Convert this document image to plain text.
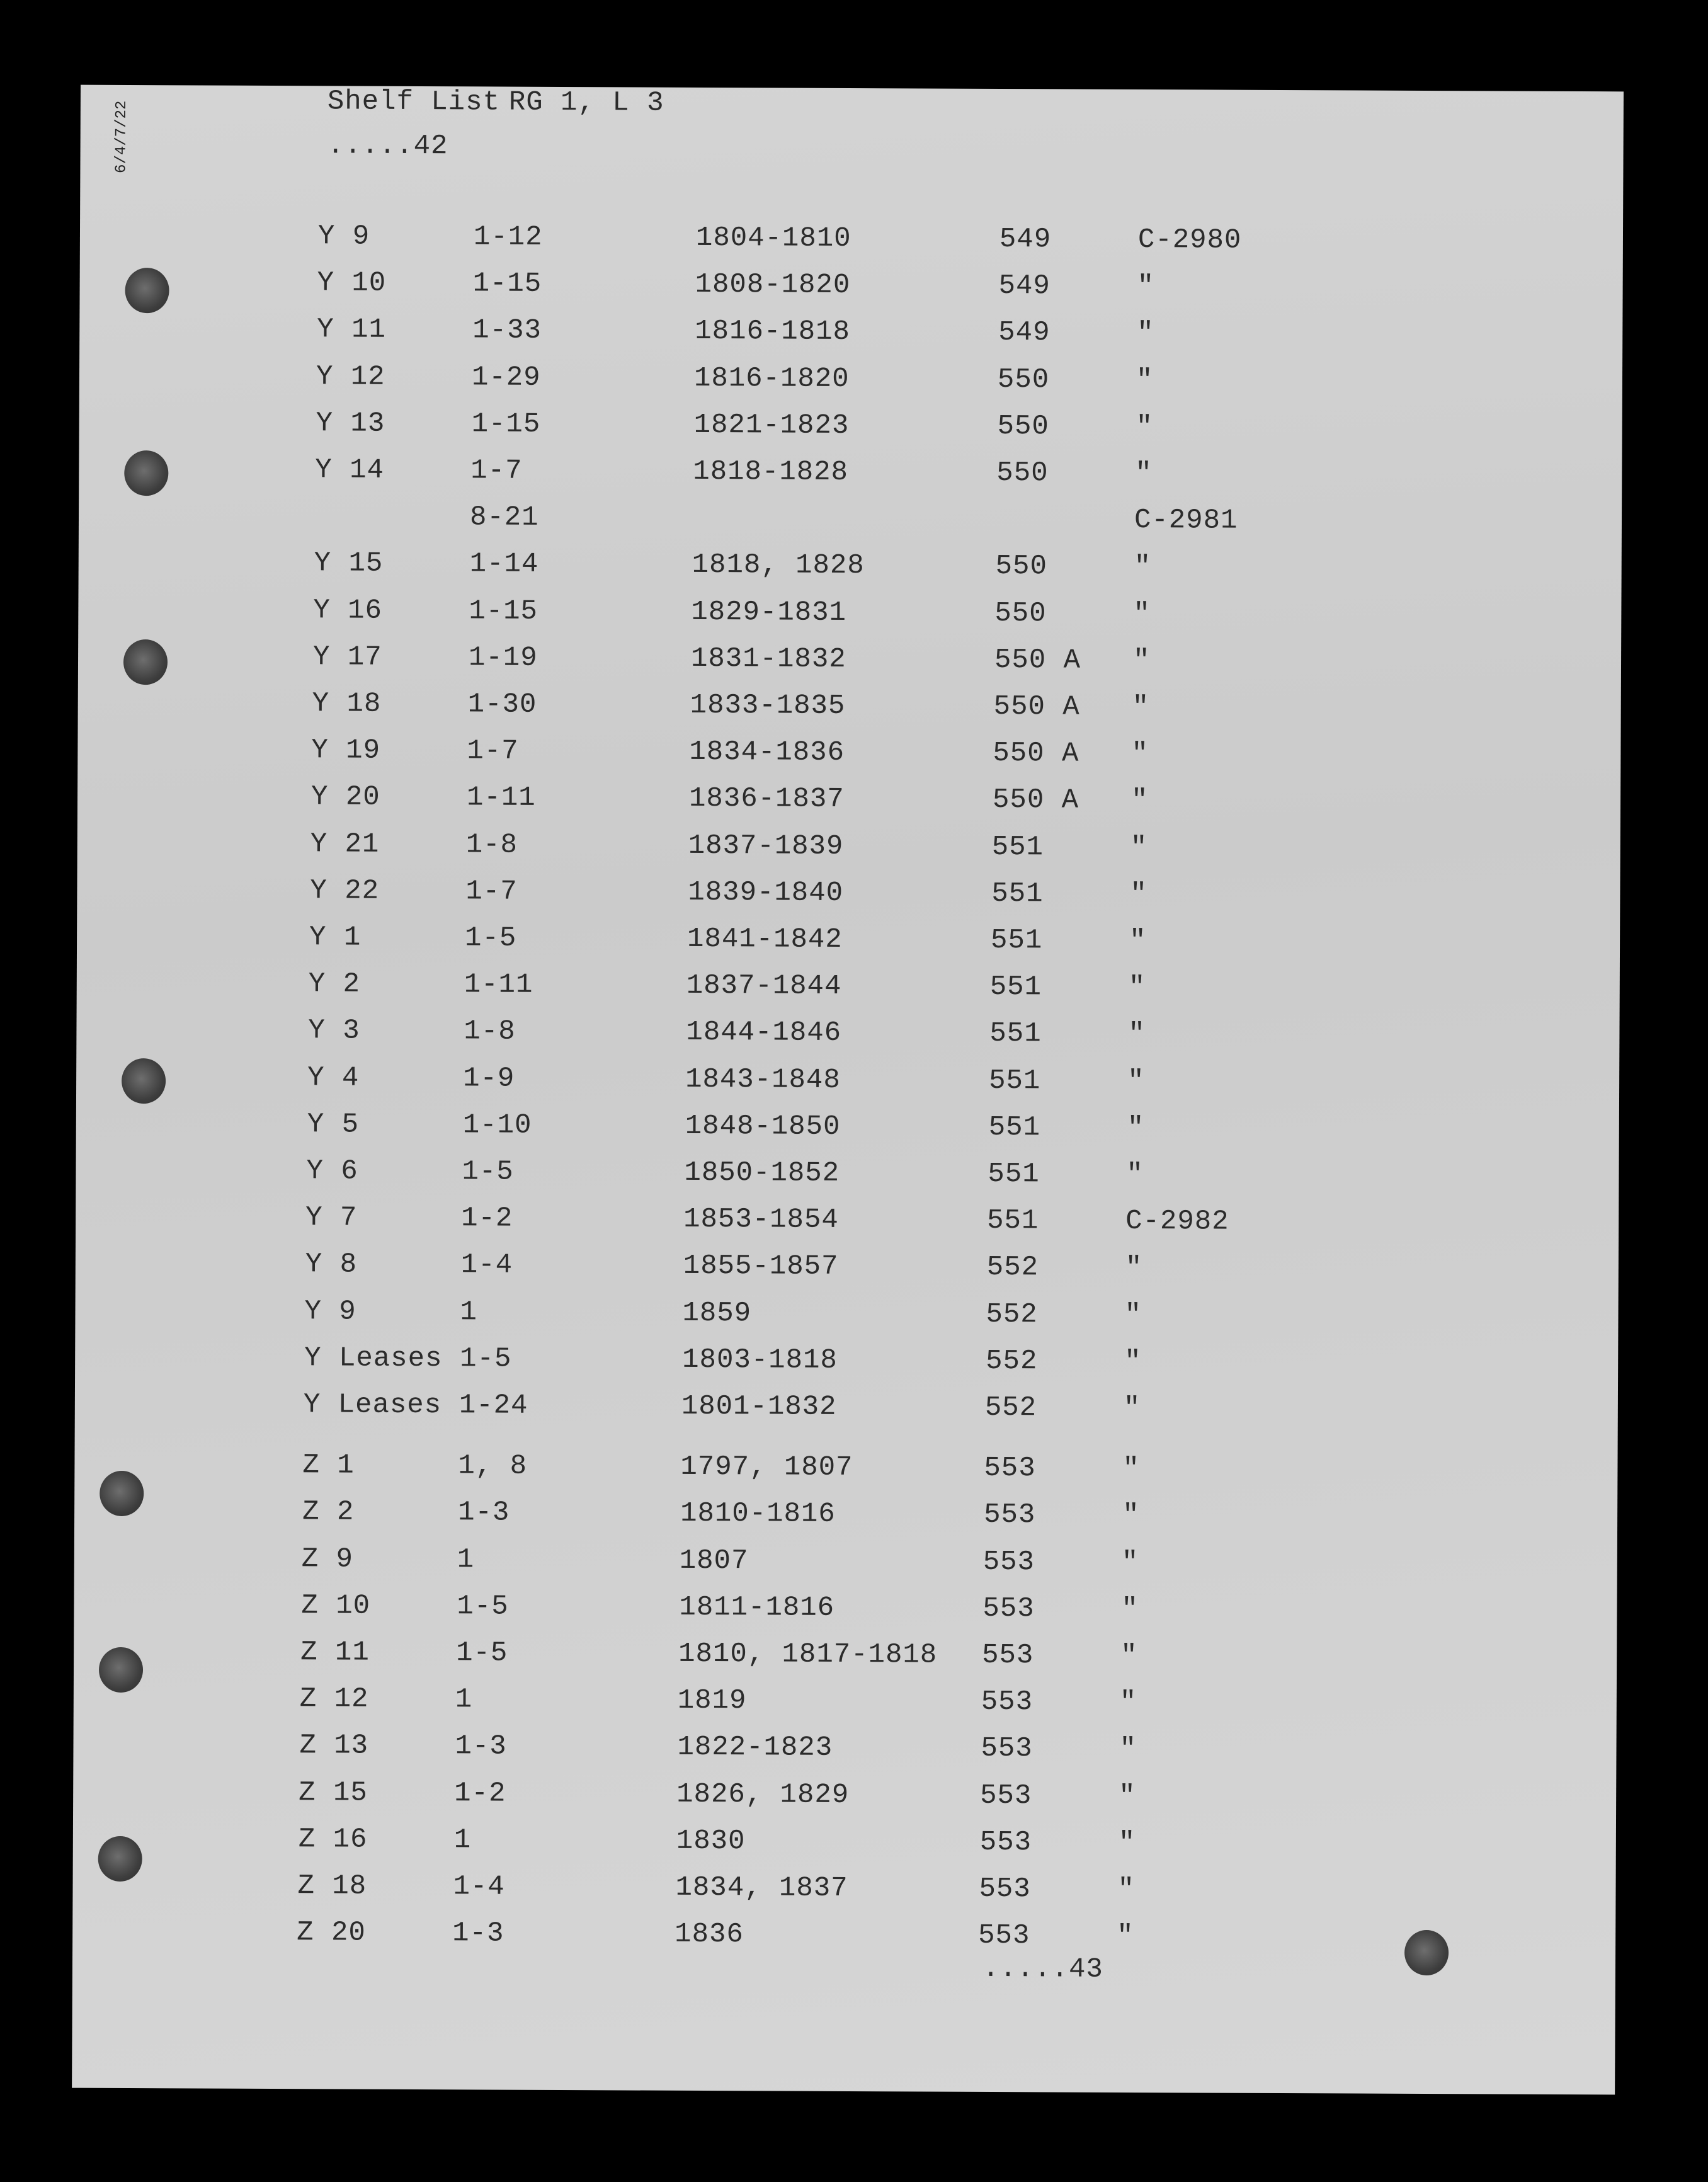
6/4/7/22	Shelf List RG 1, L 3
.....42
Y 9	1-12	1804-1810	549	C-2980
Y 10	1-15	1808-1820	549	"
Y 11	1-33	1816-1818	549	"
Y 12	1-29	1816-1820	550	"
Y 13	1-15	1821-1823	550	"
Y 14	1-7	1818-1828	550	"
8-21	C-2981
Y 15	1-14	1818, 1828	550	"
Y 16	1-15	1829-1831	550	"
Y 17	1-19	1831-1832	550 A "
Y 18	1-30	1833-1835	550 A "
Y 19	1-7	1834-1836	550 A "
Y 20	1-11	1836-1837	550 A "
Y 21	1-8	1837-1839	551	"
Y 22	1-7	1839-1840	551	"
Y 1	1-5	1841-1842	551	"
Y 2	1-11	1837-1844	551	"
Y 3	1-8	1844-1846	551	"
Y 4	1-9	1843-1848	551	"
Y 5	1-10	1848-1850	551	"
Y 6	1-5	1850-1852	551	"
Y 7	1-2	1853-1854	551	C-2982
Y 8	1-4	1855-1857	552	"
Y 9	1	1859	552	"
Y Leases 1-5	1803-1818	552	"
Y Leases 1-24	1801-1832	552	"
Z 1	1, 8	1797, 1807	553	"
Z 2	1-3	1810-1816	553	"
Z 9	1	1807	553	"
Z 10	1-5	1811-1816	553	"
Z 11	1-5	1810, 1817-1818 553	"
Z 12	1	1819	553	"
Z 13	1-3	1822-1823	553	"
Z 15	1-2	1826, 1829	553	"
Z 16	1	1830	553	"
Z 18	1-4	1834, 1837	553	"
Z 20	1-3	1836	553	"
.....43
